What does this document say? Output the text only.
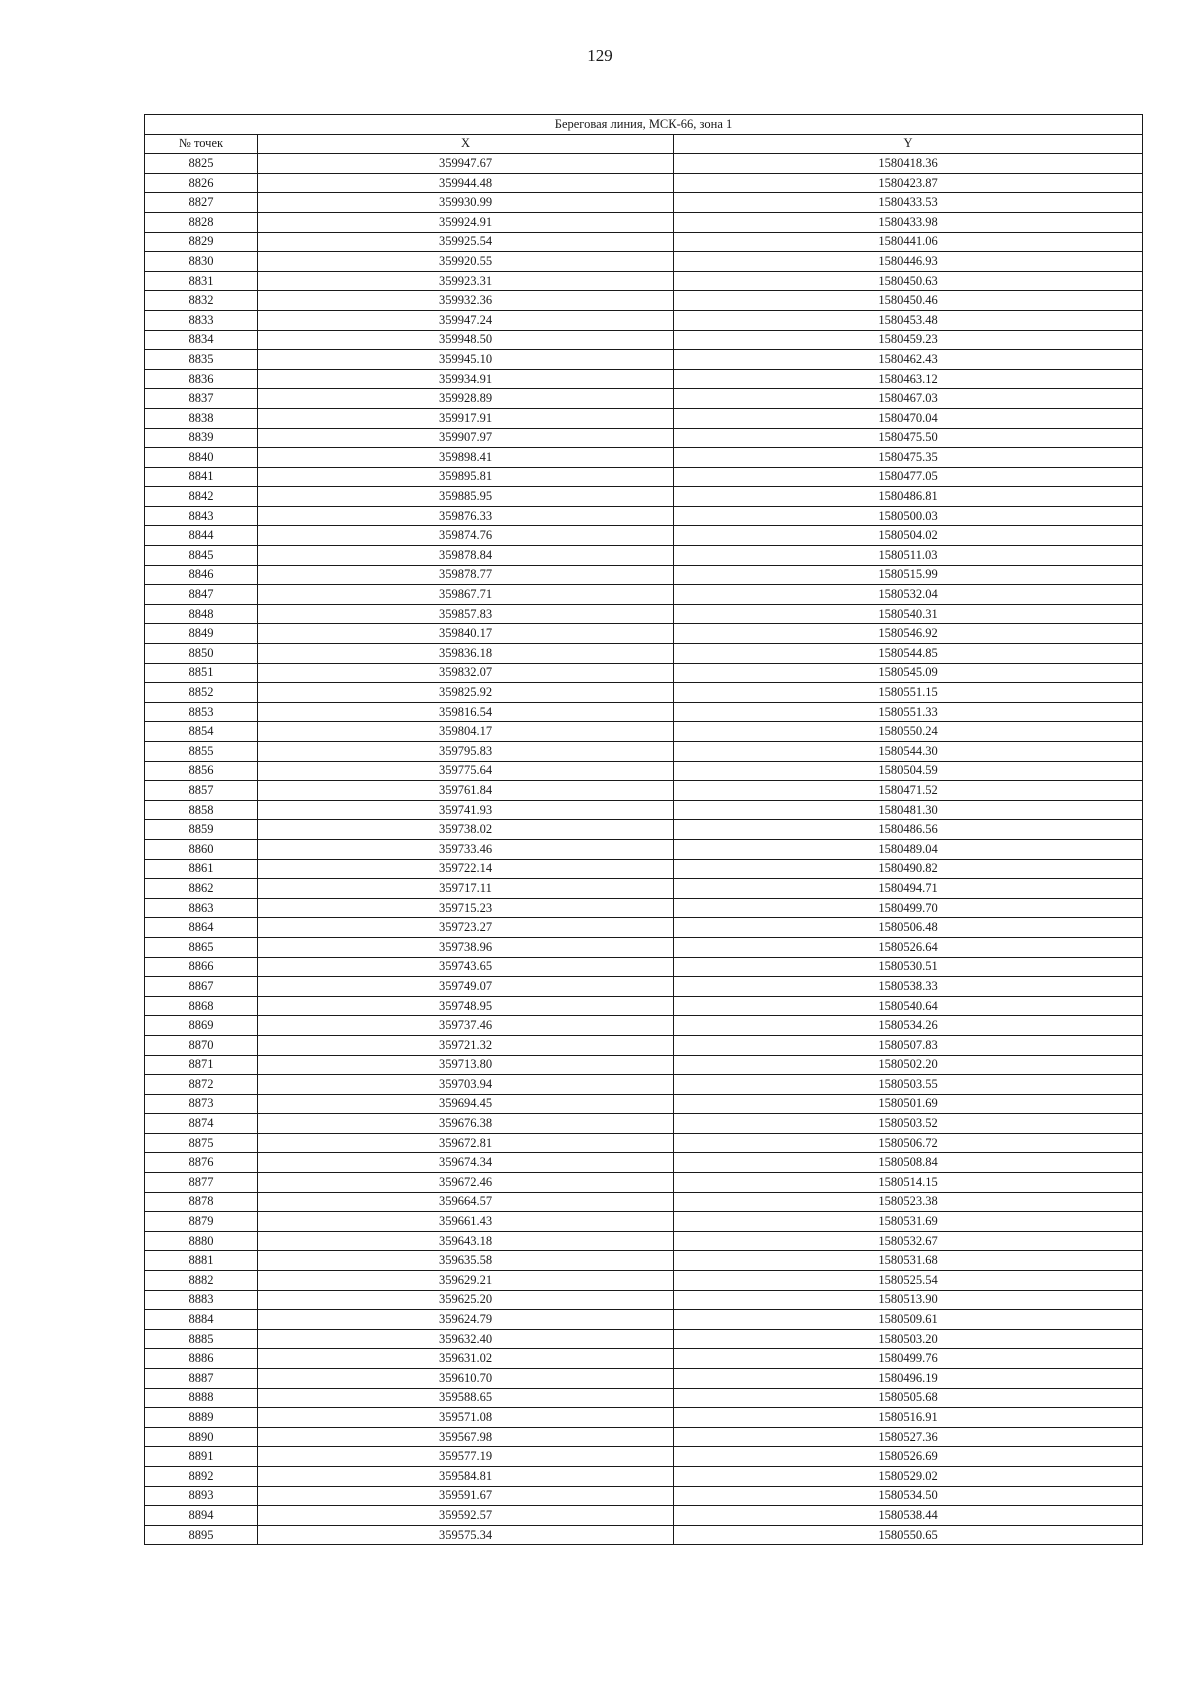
129
Береговая линия, МСК-66, зона 1		
№ точек	X	Y
8825	359947.67	1580418.36
8826	359944.48	1580423.87
8827	359930.99	1580433.53
8828	359924.91	1580433.98
8829	359925.54	1580441.06
8830	359920.55	1580446.93
8831	359923.31	1580450.63
8832	359932.36	1580450.46
8833	359947.24	1580453.48
8834	359948.50	1580459.23
8835	359945.10	1580462.43
8836	359934.91	1580463.12
8837	359928.89	1580467.03
8838	359917.91	1580470.04
8839	359907.97	1580475.50
8840	359898.41	1580475.35
8841	359895.81	1580477.05
8842	359885.95	1580486.81
8843	359876.33	1580500.03
8844	359874.76	1580504.02
8845	359878.84	1580511.03
8846	359878.77	1580515.99
8847	359867.71	1580532.04
8848	359857.83	1580540.31
8849	359840.17	1580546.92
8850	359836.18	1580544.85
8851	359832.07	1580545.09
8852	359825.92	1580551.15
8853	359816.54	1580551.33
8854	359804.17	1580550.24
8855	359795.83	1580544.30
8856	359775.64	1580504.59
8857	359761.84	1580471.52
8858	359741.93	1580481.30
8859	359738.02	1580486.56
8860	359733.46	1580489.04
8861	359722.14	1580490.82
8862	359717.11	1580494.71
8863	359715.23	1580499.70
8864	359723.27	1580506.48
8865	359738.96	1580526.64
8866	359743.65	1580530.51
8867	359749.07	1580538.33
8868	359748.95	1580540.64
8869	359737.46	1580534.26
8870	359721.32	1580507.83
8871	359713.80	1580502.20
8872	359703.94	1580503.55
8873	359694.45	1580501.69
8874	359676.38	1580503.52
8875	359672.81	1580506.72
8876	359674.34	1580508.84
8877	359672.46	1580514.15
8878	359664.57	1580523.38
8879	359661.43	1580531.69
8880	359643.18	1580532.67
8881	359635.58	1580531.68
8882	359629.21	1580525.54
8883	359625.20	1580513.90
8884	359624.79	1580509.61
8885	359632.40	1580503.20
8886	359631.02	1580499.76
8887	359610.70	1580496.19
8888	359588.65	1580505.68
8889	359571.08	1580516.91
8890	359567.98	1580527.36
8891	359577.19	1580526.69
8892	359584.81	1580529.02
8893	359591.67	1580534.50
8894	359592.57	1580538.44
8895	359575.34	1580550.65
